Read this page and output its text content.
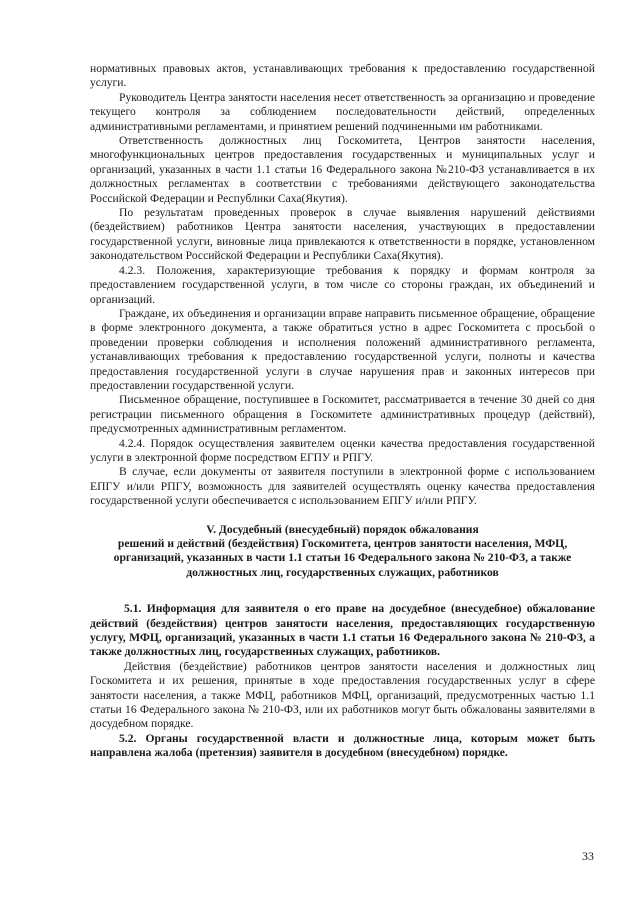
нормативных правовых актов, устанавливающих требования к предоставлению государственной услуги.

Руководитель Центра занятости населения несет ответственность за организацию и проведение текущего контроля за соблюдением последовательности действий, определенных административными регламентами, и принятием решений подчиненными им работниками.

Ответственность должностных лиц Госкомитета, Центров занятости населения, многофункциональных центров предоставления государственных и муниципальных услуг и организаций, указанных в части 1.1 статьи 16 Федерального закона №210-ФЗ устанавливается в их должностных регламентах в соответствии с требованиями действующего законодательства Российской Федерации и Республики Саха(Якутия).

По результатам проведенных проверок в случае выявления нарушений действиями (бездействием) работников Центра занятости населения, участвующих в предоставлении государственной услуги, виновные лица привлекаются к ответственности в порядке, установленном законодательством Российской Федерации и Республики Саха(Якутия).

4.2.3. Положения, характеризующие требования к порядку и формам контроля за предоставлением государственной услуги, в том числе со стороны граждан, их объединений и организаций.

Граждане, их объединения и организации вправе направить письменное обращение, обращение в форме электронного документа, а также обратиться устно в адрес Госкомитета с просьбой о проведении проверки соблюдения и исполнения положений административного регламента, устанавливающих требования к предоставлению государственной услуги, полноты и качества предоставления государственной услуги в случае нарушения прав и законных интересов при предоставлении государственной услуги.

Письменное обращение, поступившее в Госкомитет, рассматривается в течение 30 дней со дня регистрации письменного обращения в Госкомитете административных процедур (действий), предусмотренных административным регламентом.

4.2.4. Порядок осуществления заявителем оценки качества предоставления государственной услуги в электронной форме посредством ЕГПУ и РПГУ.

В случае, если документы от заявителя поступили в электронной форме с использованием ЕПГУ и/или РПГУ, возможность для заявителей осуществлять оценку качества предоставления государственной услуги обеспечивается с использованием ЕПГУ и/или РПГУ.

V. Досудебный (внесудебный) порядок обжалования

решений и действий (бездействия) Госкомитета, центров занятости населения, МФЦ, организаций, указанных в части 1.1 статьи 16 Федерального закона № 210-ФЗ, а также должностных лиц, государственных служащих, работников

5.1. Информация для заявителя о его праве на досудебное (внесудебное) обжалование действий (бездействия) центров занятости населения, предоставляющих государственную услугу, МФЦ, организаций, указанных в части 1.1 статьи 16 Федерального закона № 210-ФЗ, а также должностных лиц, государственных служащих, работников.

Действия (бездействие) работников центров занятости населения и должностных лиц Госкомитета и их решения, принятые в ходе предоставления государственных услуг в сфере занятости населения, а также МФЦ, работников МФЦ, организаций, предусмотренных частью 1.1 статьи 16 Федерального закона № 210-ФЗ, или их работников могут быть обжалованы заявителями в досудебном порядке.

5.2. Органы государственной власти и должностные лица, которым может быть направлена жалоба (претензия) заявителя в досудебном (внесудебном) порядке.

33
